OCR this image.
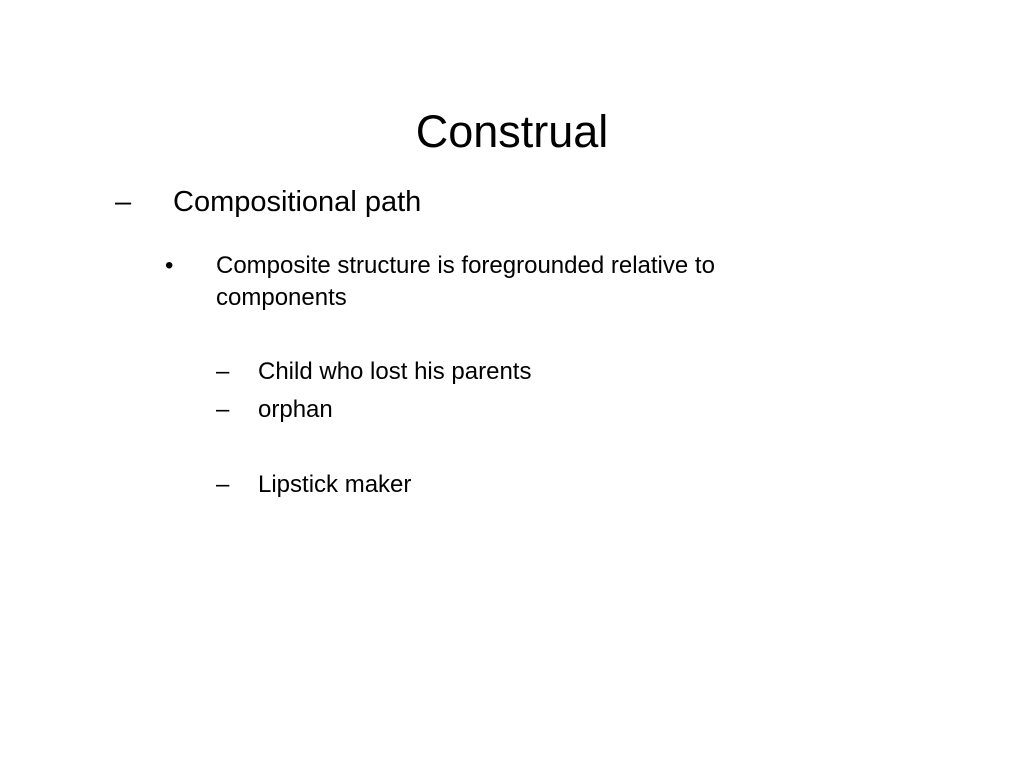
Construal
– Compositional path
• Composite structure is foregrounded relative to components
– Child who lost his parents
– orphan
– Lipstick maker
